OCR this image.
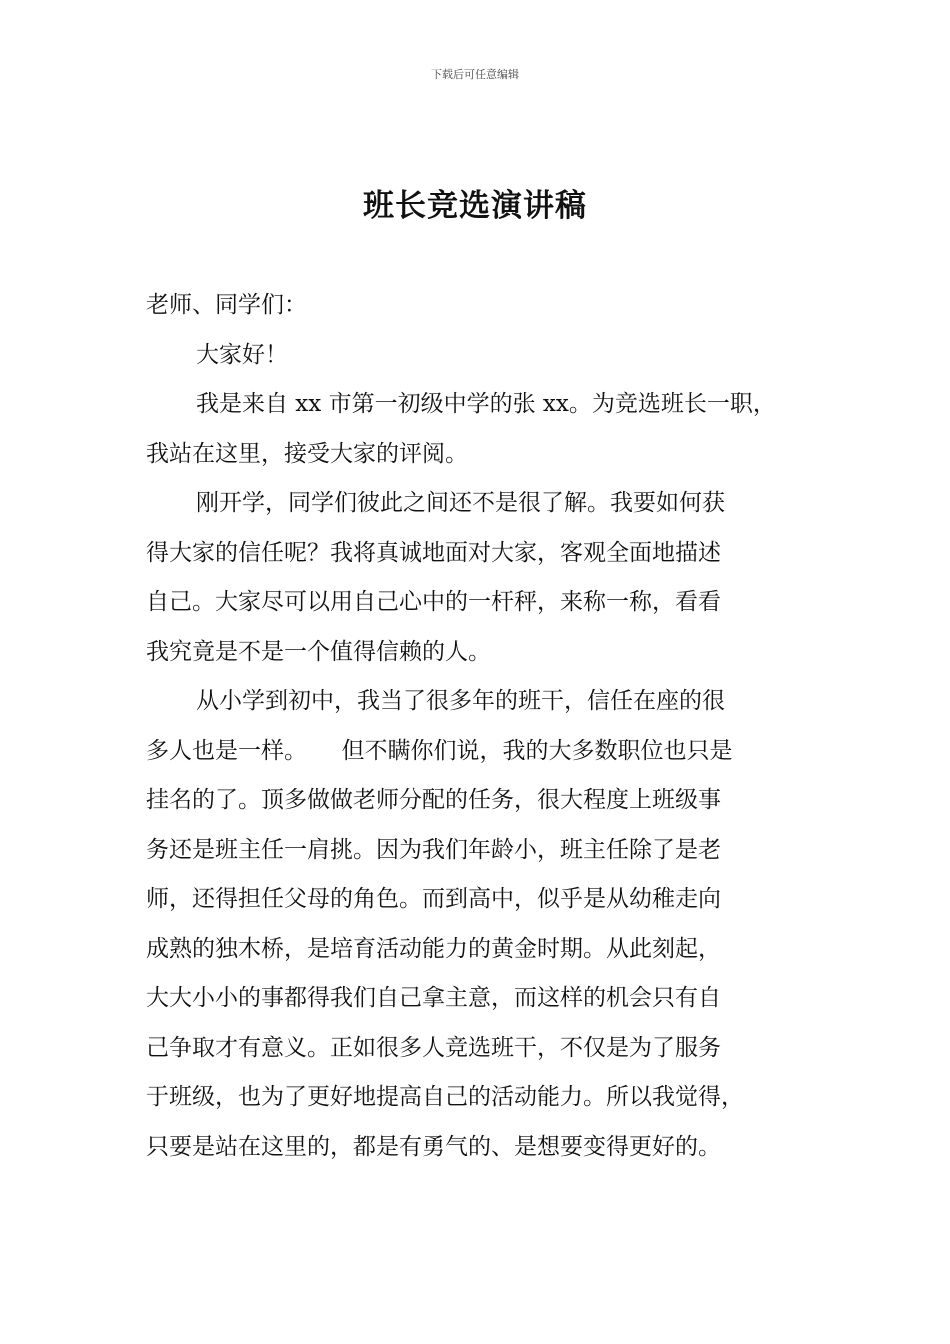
下载后可任意编辑
班长竞选演讲稿
老师、同学们：
大家好！
我是来自 xx 市第一初级中学的张 xx。为竞选班长一职，
我站在这里，接受大家的评阅。
刚开学，同学们彼此之间还不是很了解。我要如何获
得大家的信任呢？我将真诚地面对大家，客观全面地描述
自己。大家尽可以用自己心中的一杆秤，来称一称，看看
我究竟是不是一个值得信赖的人。
从小学到初中，我当了很多年的班干，信任在座的很
多人也是一样。　　但不瞒你们说，我的大多数职位也只是
挂名的了。顶多做做老师分配的任务，很大程度上班级事
务还是班主任一肩挑。因为我们年龄小，班主任除了是老
师，还得担任父母的角色。而到高中，似乎是从幼稚走向
成熟的独木桥，是培育活动能力的黄金时期。从此刻起，
大大小小的事都得我们自己拿主意，而这样的机会只有自
己争取才有意义。正如很多人竞选班干，不仅是为了服务
于班级，也为了更好地提高自己的活动能力。所以我觉得，
只要是站在这里的，都是有勇气的、是想要变得更好的。
